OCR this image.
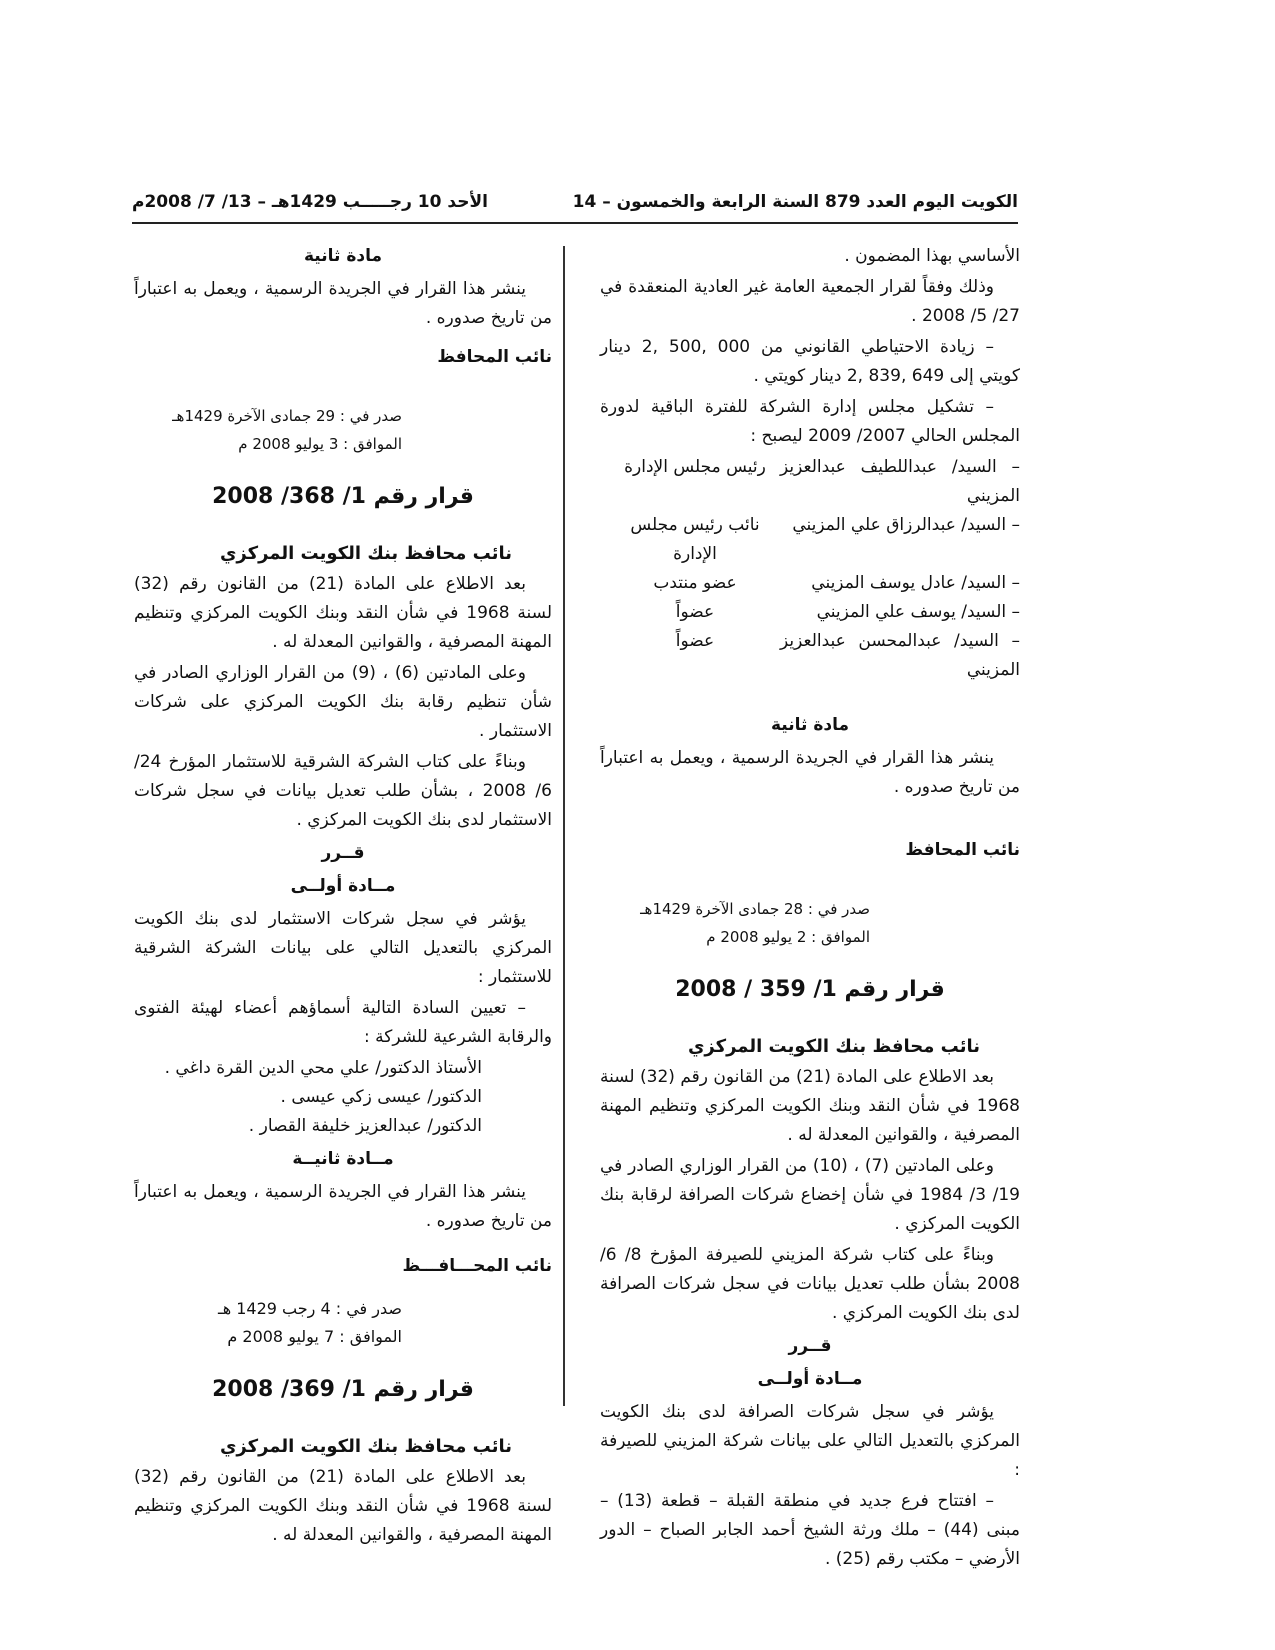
الكويت اليوم العدد 879 السنة الرابعة والخمسون – 14
الأحد 10 رجـــــب 1429هـ – 13/ 7/ 2008م

الأساسي بهذا المضمون .

وذلك وفقاً لقرار الجمعية العامة غير العادية المنعقدة في 27/ 5/ 2008 .

– زيادة الاحتياطي القانوني من 000 ,500 ,2 دينار كويتي إلى 649 ,839 ,2 دينار كويتي .

– تشكيل مجلس إدارة الشركة للفترة الباقية لدورة المجلس الحالي 2007/ 2009 ليصبح :

– السيد/ عبداللطيف عبدالعزيز المزيني
رئيس مجلس الإدارة
– السيد/ عبدالرزاق علي المزيني
نائب رئيس مجلس الإدارة
– السيد/ عادل يوسف المزيني
عضو منتدب
– السيد/ يوسف علي المزيني
عضواً
– السيد/ عبدالمحسن عبدالعزيز المزيني
عضواً
مادة ثانية

ينشر هذا القرار في الجريدة الرسمية ، ويعمل به اعتباراً من تاريخ صدوره .

نائب المحافظ
صدر في : 28 جمادى الآخرة 1429هـ
الموافق : 2 يوليو 2008 م
قرار رقم 1/ 359 / 2008
نائب محافظ بنك الكويت المركزي

بعد الاطلاع على المادة (21) من القانون رقم (32) لسنة 1968 في شأن النقد وبنك الكويت المركزي وتنظيم المهنة المصرفية ، والقوانين المعدلة له .

وعلى المادتين (7) ، (10) من القرار الوزاري الصادر في 19/ 3/ 1984 في شأن إخضاع شركات الصرافة لرقابة بنك الكويت المركزي .

وبناءً على كتاب شركة المزيني للصيرفة المؤرخ 8/ 6/ 2008 بشأن طلب تعديل بيانات في سجل شركات الصرافة لدى بنك الكويت المركزي .

قــرر
مــادة أولــى

يؤشر في سجل شركات الصرافة لدى بنك الكويت المركزي بالتعديل التالي على بيانات شركة المزيني للصيرفة :

– افتتاح فرع جديد في منطقة القبلة – قطعة (13) – مبنى (44) – ملك ورثة الشيخ أحمد الجابر الصباح – الدور الأرضي – مكتب رقم (25) .

مادة ثانية

ينشر هذا القرار في الجريدة الرسمية ، ويعمل به اعتباراً من تاريخ صدوره .

نائب المحافظ
صدر في : 29 جمادى الآخرة 1429هـ
الموافق : 3 يوليو 2008 م
قرار رقم 1/ 368/ 2008
نائب محافظ بنك الكويت المركزي

بعد الاطلاع على المادة (21) من القانون رقم (32) لسنة 1968 في شأن النقد وبنك الكويت المركزي وتنظيم المهنة المصرفية ، والقوانين المعدلة له .

وعلى المادتين (6) ، (9) من القرار الوزاري الصادر في شأن تنظيم رقابة بنك الكويت المركزي على شركات الاستثمار .

وبناءً على كتاب الشركة الشرقية للاستثمار المؤرخ 24/ 6/ 2008 ، بشأن طلب تعديل بيانات في سجل شركات الاستثمار لدى بنك الكويت المركزي .

قــرر
مــادة أولــى

يؤشر في سجل شركات الاستثمار لدى بنك الكويت المركزي بالتعديل التالي على بيانات الشركة الشرقية للاستثمار :

– تعيين السادة التالية أسماؤهم أعضاء لهيئة الفتوى والرقابة الشرعية للشركة :

الأستاذ الدكتور/ علي محي الدين القرة داغي .
الدكتور/ عيسى زكي عيسى .
الدكتور/ عبدالعزيز خليفة القصار .
مــادة ثانيــة

ينشر هذا القرار في الجريدة الرسمية ، ويعمل به اعتباراً من تاريخ صدوره .

نائب المحـــافـــظ
صدر في : 4 رجب 1429 هـ
الموافق : 7 يوليو 2008 م
قرار رقم 1/ 369/ 2008
نائب محافظ بنك الكويت المركزي

بعد الاطلاع على المادة (21) من القانون رقم (32) لسنة 1968 في شأن النقد وبنك الكويت المركزي وتنظيم المهنة المصرفية ، والقوانين المعدلة له .
